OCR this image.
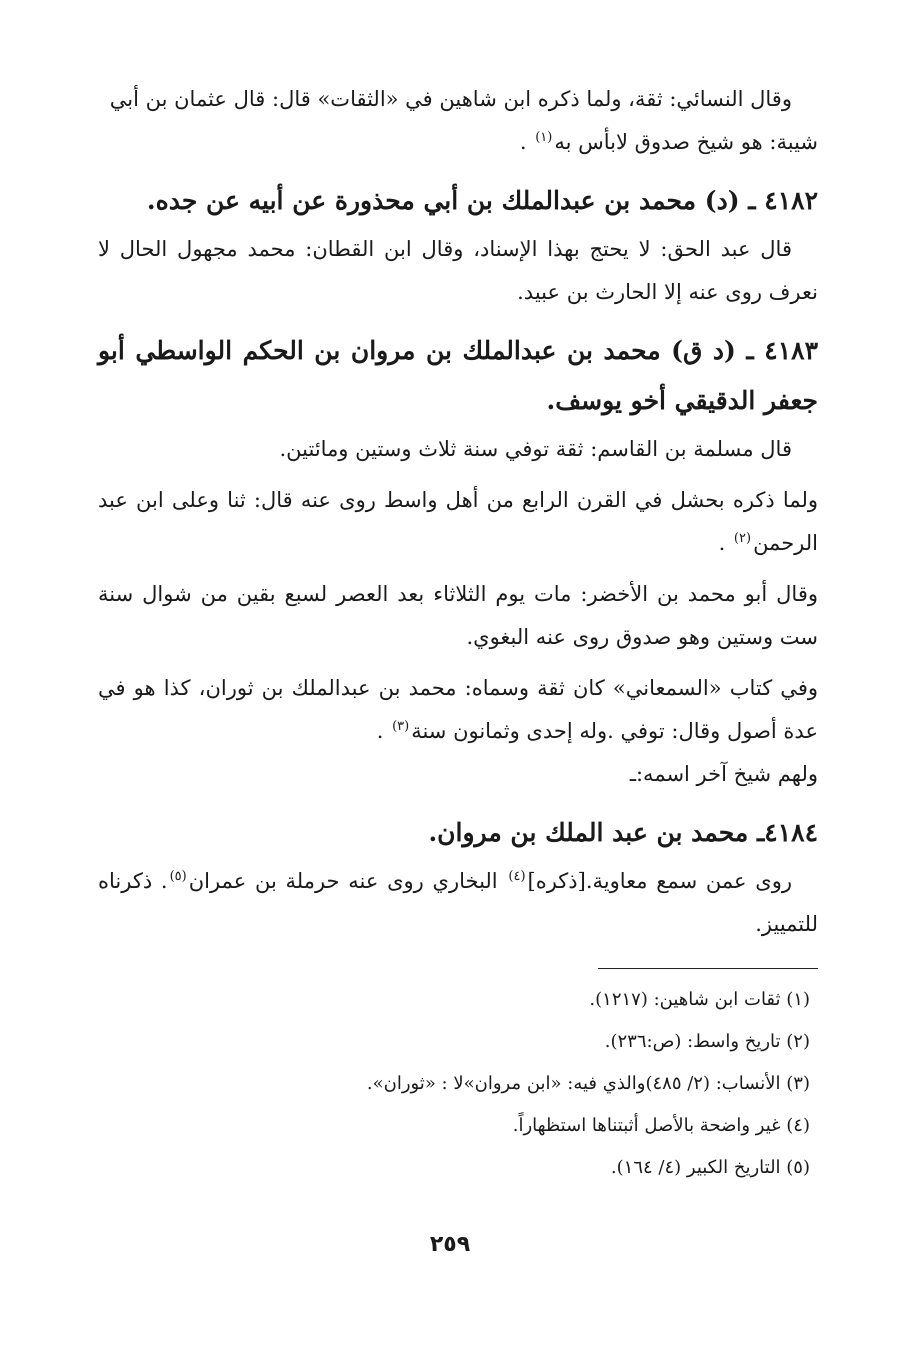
وقال النسائي: ثقة، ولما ذكره ابن شاهين في «الثقات» قال: قال عثمان بن أبي
شيبة: هو شيخ صدوق لابأس به$^{(١)}$ .

٤١٨٢ ـ (د) محمد بن عبدالملك بن أبي محذورة عن أبيه عن جده.

قال عبد الحق: لا يحتج بهذا الإسناد، وقال ابن القطان: محمد مجهول الحال لا نعرف روى عنه إلا الحارث بن عبيد.

٤١٨٣ ـ (د ق) محمد بن عبدالملك بن مروان بن الحكم الواسطي أبو جعفر الدقيقي أخو يوسف.

قال مسلمة بن القاسم: ثقة توفي سنة ثلاث وستين ومائتين.

ولما ذكره بحشل في القرن الرابع من أهل واسط روى عنه قال: ثنا وعلى ابن عبد الرحمن$^{(٢)}$ .

وقال أبو محمد بن الأخضر: مات يوم الثلاثاء بعد العصر لسبع بقين من شوال سنة ست وستين وهو صدوق روى عنه البغوي.

وفي كتاب «السمعاني» كان ثقة وسماه: محمد بن عبدالملك بن ثوران، كذا هو في عدة أصول وقال: توفي .وله إحدى وثمانون سنة$^{(٣)}$ .

ولهم شيخ آخر اسمه:ـ

٤١٨٤ـ محمد بن عبد الملك بن مروان.

روى عمن سمع معاوية.[ذكره]$^{(٤)}$ البخاري روى عنه حرملة بن عمران$^{(٥)}$. ذكرناه للتمييز.

(١) ثقات ابن شاهين: (١٢١٧).

(٢) تاريخ واسط: (ص:٢٣٦).

(٣) الأنساب: (٢/ ٤٨٥)والذي فيه: «ابن مروان»لا : «ثوران».

(٤) غير واضحة بالأصل أثبتناها استظهاراً.

(٥) التاريخ الكبير (٤/ ١٦٤).

٢٥٩
